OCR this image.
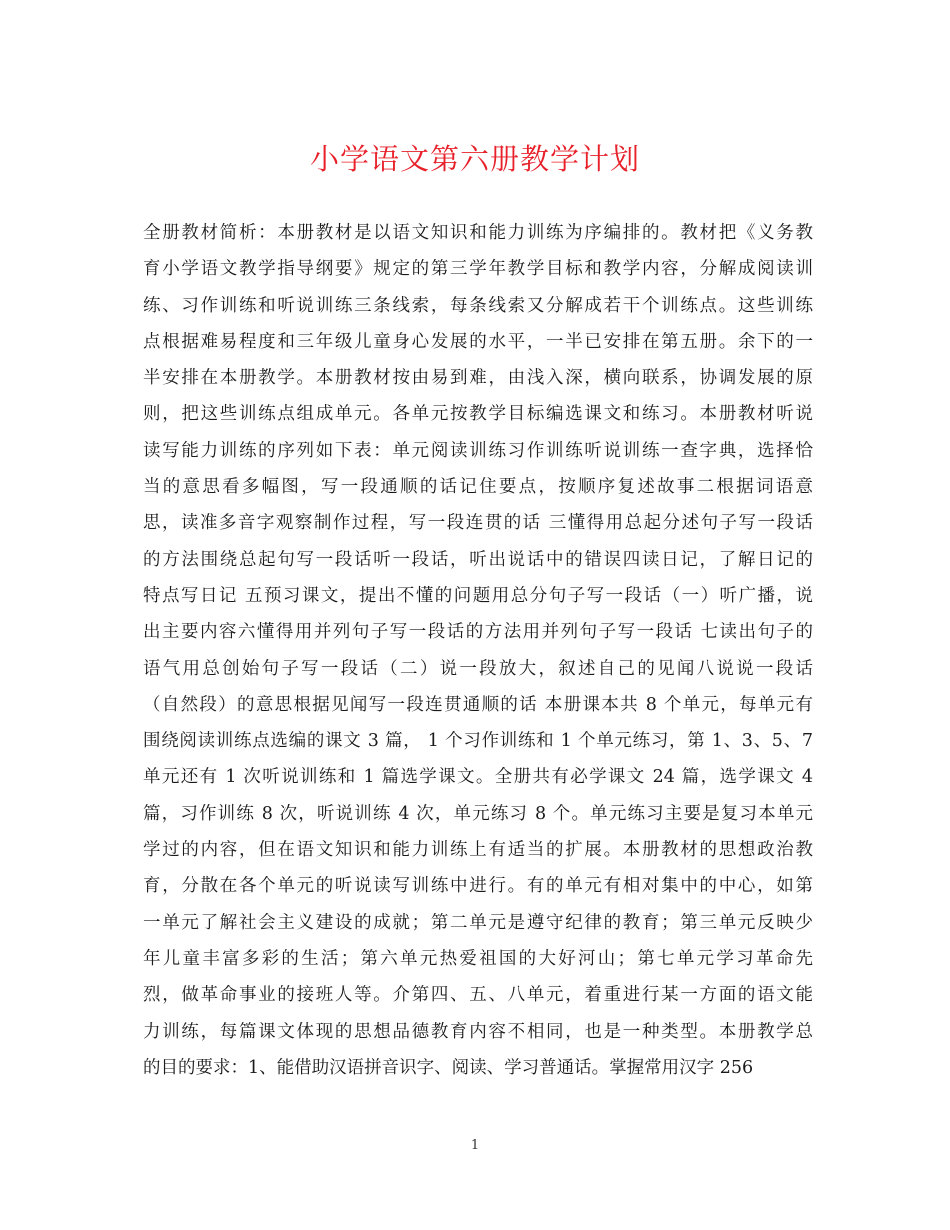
小学语文第六册教学计划
全册教材简析：本册教材是以语文知识和能力训练为序编排的。教材把《义务教
育小学语文教学指导纲要》规定的第三学年教学目标和教学内容，分解成阅读训
练、习作训练和听说训练三条线索，每条线索又分解成若干个训练点。这些训练
点根据难易程度和三年级儿童身心发展的水平，一半已安排在第五册。余下的一
半安排在本册教学。本册教材按由易到难，由浅入深，横向联系，协调发展的原
则，把这些训练点组成单元。各单元按教学目标编选课文和练习。本册教材听说
读写能力训练的序列如下表：单元阅读训练习作训练听说训练一查字典，选择恰
当的意思看多幅图，写一段通顺的话记住要点，按顺序复述故事二根据词语意
思，读准多音字观察制作过程，写一段连贯的话 三懂得用总起分述句子写一段话
的方法围绕总起句写一段话听一段话，听出说话中的错误四读日记，了解日记的
特点写日记 五预习课文，提出不懂的问题用总分句子写一段话（一）听广播，说
出主要内容六懂得用并列句子写一段话的方法用并列句子写一段话 七读出句子的
语气用总创始句子写一段话（二）说一段放大，叙述自己的见闻八说说一段话
（自然段）的意思根据见闻写一段连贯通顺的话 本册课本共 8 个单元，每单元有
围绕阅读训练点选编的课文 3 篇， 1 个习作训练和 1 个单元练习，第 1、3、5、7
单元还有 1 次听说训练和 1 篇选学课文。全册共有必学课文 24 篇，选学课文 4
篇，习作训练 8 次，听说训练 4 次，单元练习 8 个。单元练习主要是复习本单元
学过的内容，但在语文知识和能力训练上有适当的扩展。本册教材的思想政治教
育，分散在各个单元的听说读写训练中进行。有的单元有相对集中的中心，如第
一单元了解社会主义建设的成就；第二单元是遵守纪律的教育；第三单元反映少
年儿童丰富多彩的生活；第六单元热爱祖国的大好河山；第七单元学习革命先
烈，做革命事业的接班人等。介第四、五、八单元，着重进行某一方面的语文能
力训练，每篇课文体现的思想品德教育内容不相同，也是一种类型。本册教学总
的目的要求：1、能借助汉语拼音识字、阅读、学习普通话。掌握常用汉字 256
1
